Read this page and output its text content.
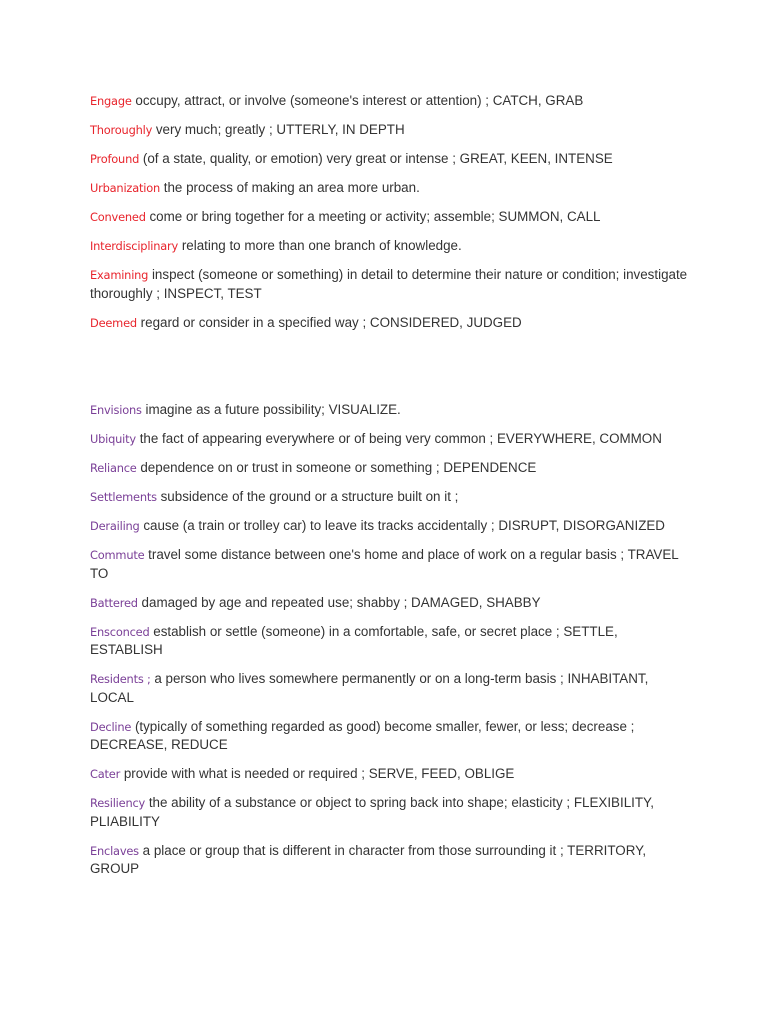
Engage occupy, attract, or involve (someone's interest or attention) ; CATCH, GRAB

Thoroughly very much; greatly ; UTTERLY, IN DEPTH

Profound (of a state, quality, or emotion) very great or intense ; GREAT, KEEN, INTENSE

Urbanization the process of making an area more urban.

Convened come or bring together for a meeting or activity; assemble; SUMMON, CALL

Interdisciplinary relating to more than one branch of knowledge.

Examining inspect (someone or something) in detail to determine their nature or condition; investigate thoroughly ; INSPECT, TEST

Deemed regard or consider in a specified way ; CONSIDERED, JUDGED

Envisions imagine as a future possibility; VISUALIZE.

Ubiquity the fact of appearing everywhere or of being very common ; EVERYWHERE, COMMON

Reliance dependence on or trust in someone or something ; DEPENDENCE

Settlements subsidence of the ground or a structure built on it ;

Derailing cause (a train or trolley car) to leave its tracks accidentally ; DISRUPT, DISORGANIZED

Commute travel some distance between one's home and place of work on a regular basis ; TRAVEL TO

Battered damaged by age and repeated use; shabby ; DAMAGED, SHABBY

Ensconced establish or settle (someone) in a comfortable, safe, or secret place ; SETTLE, ESTABLISH

Residents ; a person who lives somewhere permanently or on a long-term basis ; INHABITANT, LOCAL

Decline (typically of something regarded as good) become smaller, fewer, or less; decrease ; DECREASE, REDUCE

Cater provide with what is needed or required ; SERVE, FEED, OBLIGE

Resiliency the ability of a substance or object to spring back into shape; elasticity ; FLEXIBILITY, PLIABILITY

Enclaves a place or group that is different in character from those surrounding it ; TERRITORY, GROUP
